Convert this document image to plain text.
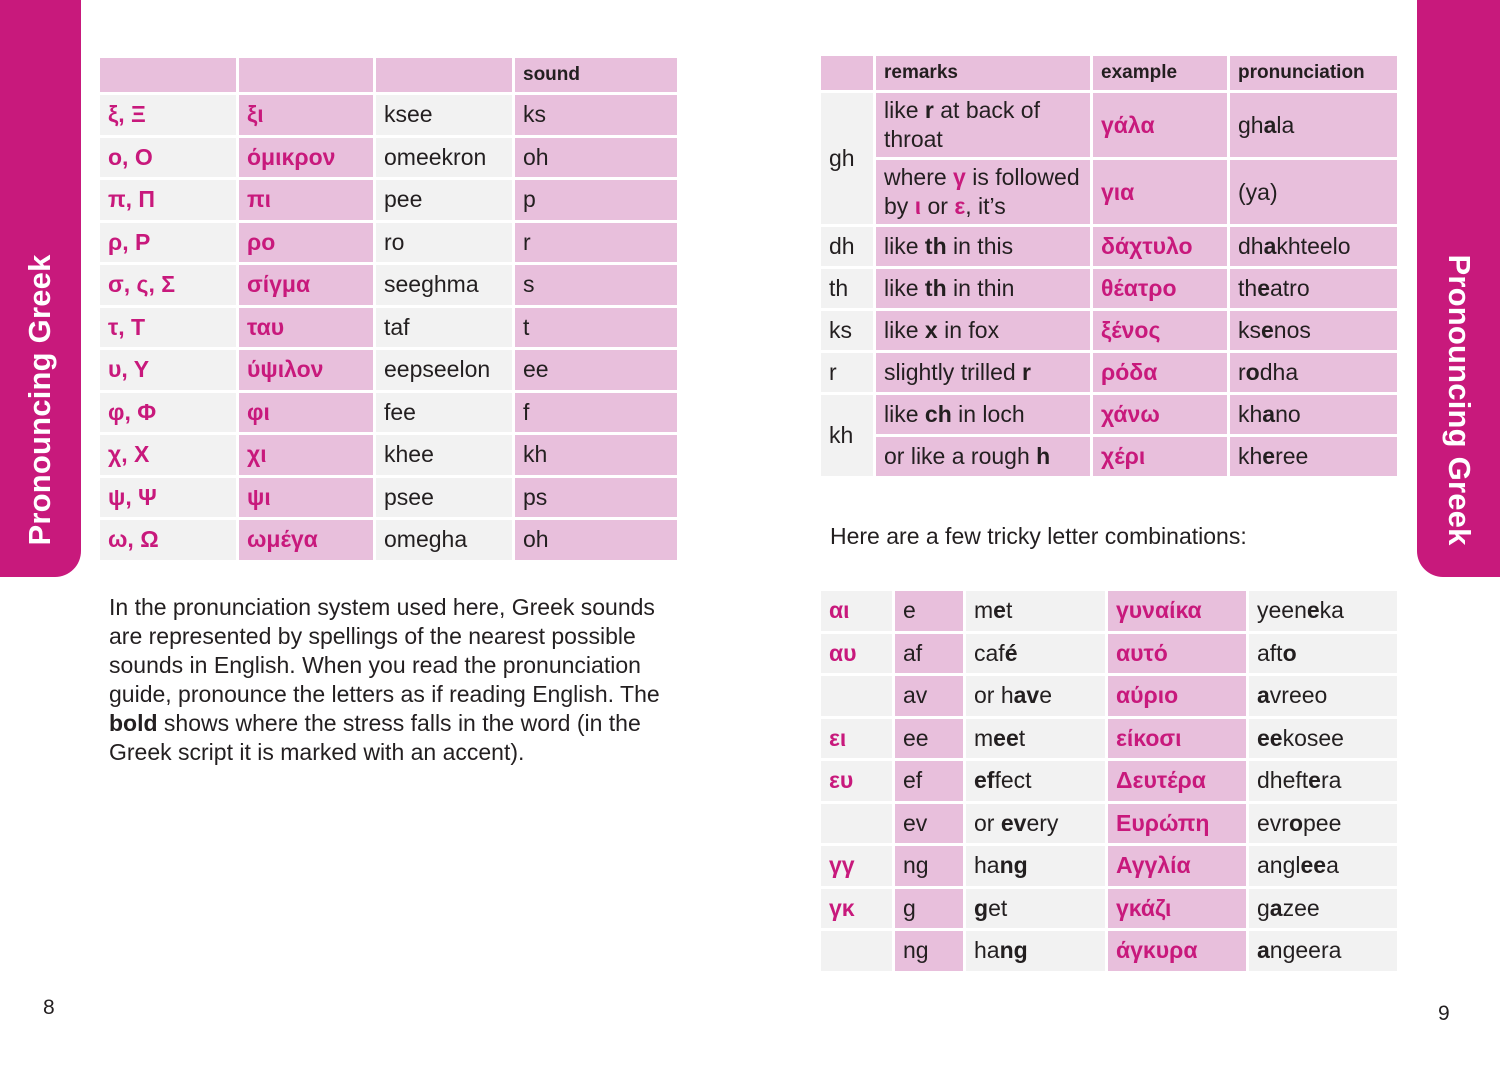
Pronouncing Greek
8
			sound
ξ, Ξ	ξι	ksee	ks
ο, Ο	όμικρον	omeekron	oh
π, Π	πι	pee	p
ρ, Ρ	ρο	ro	r
σ, ς, Σ	σίγμα	seeghma	s
τ, Τ	ταυ	taf	t
υ, Υ	ύψιλον	eepseelon	ee
φ, Φ	φι	fee	f
χ, Χ	χι	khee	kh
ψ, Ψ	ψι	psee	ps
ω, Ω	ωμέγα	omegha	oh

In the pronunciation system used here, Greek sounds are represented by spellings of the nearest possible sounds in English. When you read the pronunciation guide, pronounce the letters as if reading English. The bold shows where the stress falls in the word (in the Greek script it is marked with an accent).

Pronouncing Greek
9
	remarks	example	pronunciation
gh	like r at back of throat	γάλα	ghala
	where γ is followed by ι or ε, it’s	για	(ya)
dh	like th in this	δάχτυλο	dhakhteelo
th	like th in thin	θέατρο	theatro
ks	like x in fox	ξένος	ksenos
r	slightly trilled r	ρόδα	rodha
kh	like ch in loch	χάνω	khano
	or like a rough h	χέρι	kheree

Here are a few tricky letter combinations:

αι	e	met	γυναίκα	yeeneka
αυ	af	café	αυτό	afto
	av	or have	αύριο	avreeo
ει	ee	meet	είκοσι	eekosee
ευ	ef	effect	Δευτέρα	dheftera
	ev	or every	Ευρώπη	evropee
γγ	ng	hang	Αγγλία	angleea
γκ	g	get	γκάζι	gazee
	ng	hang	άγκυρα	angeera
